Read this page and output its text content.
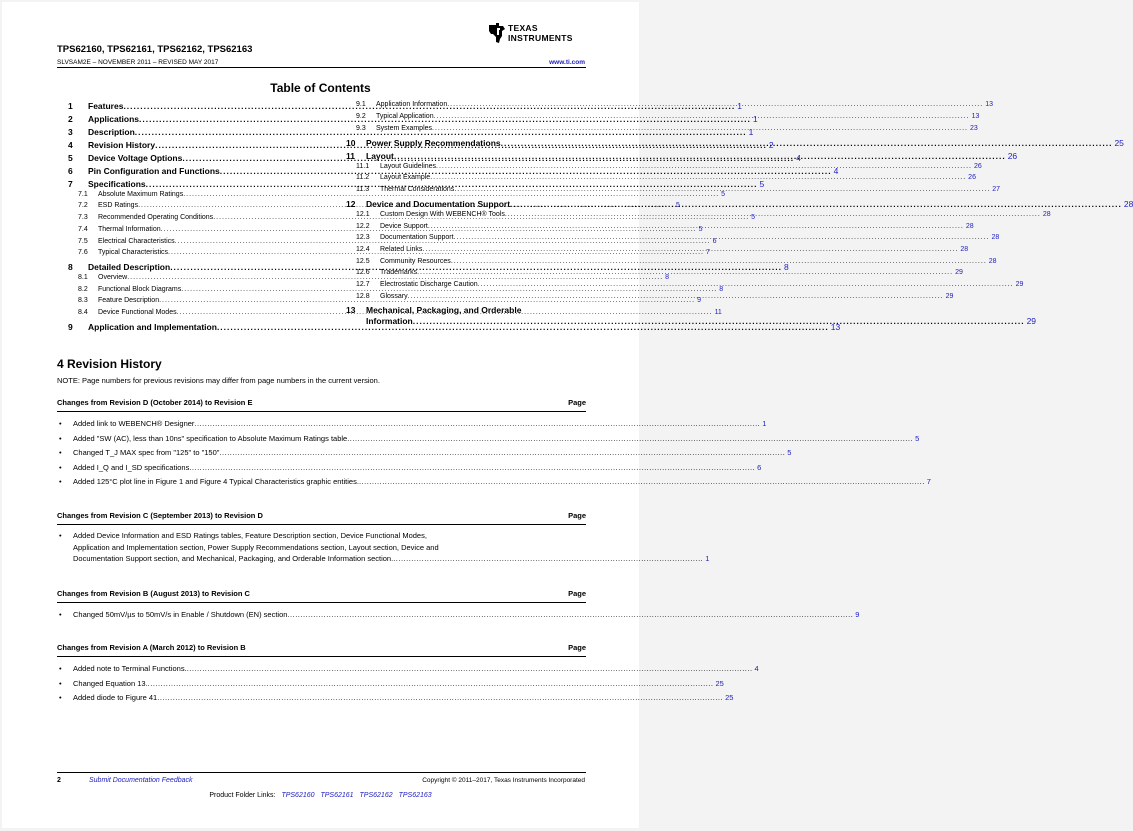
TEXAS
INSTRUMENTS
TPS62160, TPS62161, TPS62162, TPS62163
SLVSAM2E – NOVEMBER 2011 – REVISED MAY 2017	www.ti.com
Table of Contents
1	Features .....	1
2	Applications .....	1
3	Description .....	1
4	Revision History .....	2
5	Device Voltage Options .....	4
6	Pin Configuration and Functions .....	4
7	Specifications .....	5
7.1	Absolute Maximum Ratings .....	5
7.2	ESD Ratings .....	5
7.3	Recommended Operating Conditions .....	5
7.4	Thermal Information .....	5
7.5	Electrical Characteristics .....	6
7.6	Typical Characteristics .....	7
8	Detailed Description .....	8
8.1	Overview .....	8
8.2	Functional Block Diagrams .....	8
8.3	Feature Description .....	9
8.4	Device Functional Modes .....	11
9	Application and Implementation .....	13
9.1	Application Information .....	13
9.2	Typical Application .....	13
9.3	System Examples .....	23
10	Power Supply Recommendations .....	25
11	Layout .....	26
11.1	Layout Guidelines .....	26
11.2	Layout Example .....	26
11.3	Thermal Considerations .....	27
12	Device and Documentation Support .....	28
12.1	Custom Design With WEBENCH® Tools .....	28
12.2	Device Support .....	28
12.3	Documentation Support .....	28
12.4	Related Links .....	28
12.5	Community Resources .....	28
12.6	Trademarks .....	29
12.7	Electrostatic Discharge Caution .....	29
12.8	Glossary .....	29
13	Mechanical, Packaging, and Orderable
Information .....	29
4 Revision History
NOTE: Page numbers for previous revisions may differ from page numbers in the current version.
Changes from Revision D (October 2014) to Revision E	Page
•	Added link to WEBENCH® Designer .....	1
•	Added "SW (AC), less than 10ns" specification to Absolute Maximum Ratings table .....	5
•	Changed T_J MAX spec from "125" to "150" .....	5
•	Added I_Q and I_SD specifications .....	6
•	Added 125°C plot line in Figure 1 and Figure 4 Typical Characteristics graphic entities. .....	7
Changes from Revision C (September 2013) to Revision D	Page
•	Added Device Information and ESD Ratings tables, Feature Description section, Device Functional Modes,
Application and Implementation section, Power Supply Recommendations section, Layout section, Device and
Documentation Support section, and Mechanical, Packaging, and Orderable Information section. ........................................................................................................................ 1
Changes from Revision B (August 2013) to Revision C	Page
•	Changed 50mV/µs to 50mV/s in Enable / Shutdown (EN) section .....	9
Changes from Revision A (March 2012) to Revision B	Page
•	Added note to Terminal Functions. .....	4
•	Changed Equation 13. .....	25
•	Added diode to Figure 41 .....	25
2	Submit Documentation Feedback	Copyright © 2011–2017, Texas Instruments Incorporated
Product Folder Links: TPS62160 TPS62161 TPS62162 TPS62163
